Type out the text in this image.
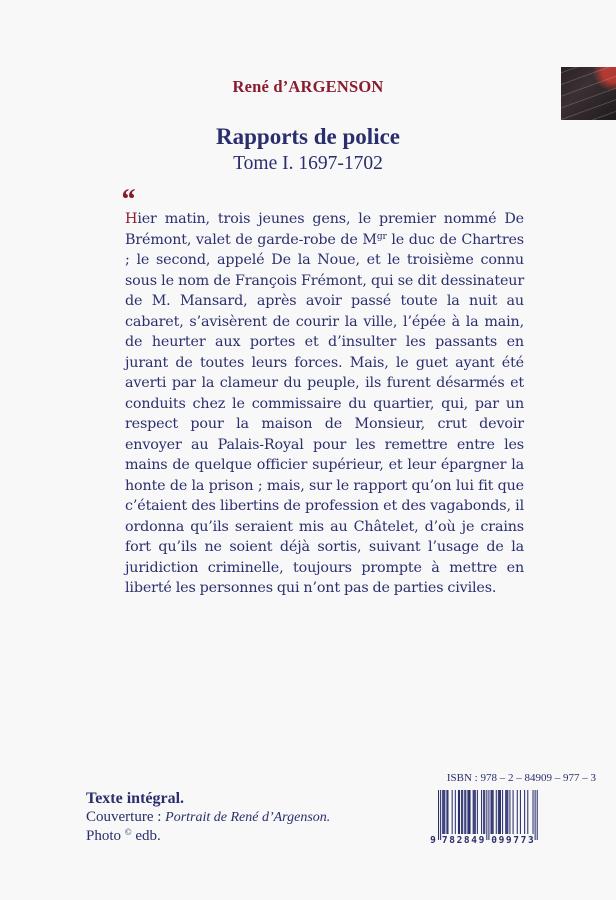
René d’ARGENSON
Rapports de police
Tome I. 1697-1702
“
Hier matin, trois jeunes gens, le premier nommé De Brémont, valet de garde-robe de $M^{gr}$ le duc de Chartres ; le second, appelé De la Noue, et le troisième connu sous le nom de François Frémont, qui se dit dessinateur de M. Mansard, après avoir passé toute la nuit au cabaret, s’avisèrent de courir la ville, l’épée à la main, de heurter aux portes et d’insulter les passants en jurant de toutes leurs forces. Mais, le guet ayant été averti par la clameur du peuple, ils furent désarmés et conduits chez le commissaire du quartier, qui, par un respect pour la maison de Monsieur, crut devoir envoyer au Palais-Royal pour les remettre entre les mains de quelque officier supérieur, et leur épargner la honte de la prison ; mais, sur le rapport qu’on lui fit que c’étaient des libertins de profession et des vagabonds, il ordonna qu’ils seraient mis au Châtelet, d’où je crains fort qu’ils ne soient déjà sortis, suivant l’usage de la juridiction criminelle, toujours prompte à mettre en liberté les personnes qui n’ont pas de parties civiles.
Texte intégral.
Couverture : Portrait de René d’Argenson.
Photo © edb.
ISBN : 978 – 2 – 84909 – 977 – 3
9 7 8 2 8 4 9 0 9 9 7 7 3
